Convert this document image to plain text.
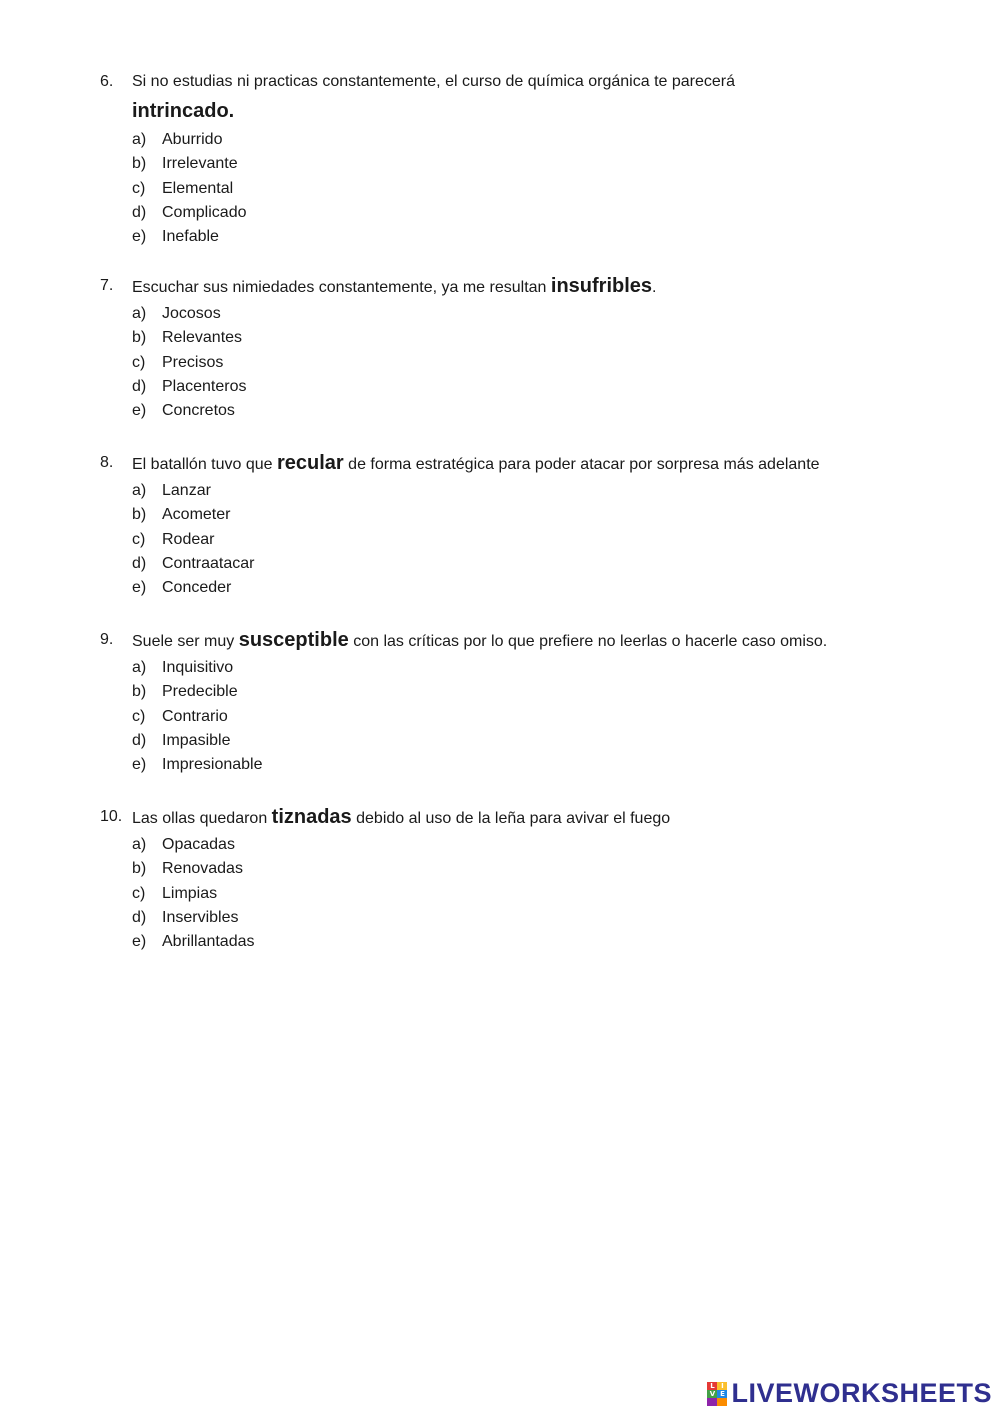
6. Si no estudias ni practicas constantemente, el curso de química orgánica te parecerá
intrincado.
a) Aburrido
b) Irrelevante
c) Elemental
d) Complicado
e) Inefable
7. Escuchar sus nimiedades constantemente, ya me resultan insufribles.
a) Jocosos
b) Relevantes
c) Precisos
d) Placenteros
e) Concretos
8. El batallón tuvo que recular de forma estratégica para poder atacar por sorpresa más adelante
a) Lanzar
b) Acometer
c) Rodear
d) Contraatacar
e) Conceder
9. Suele ser muy susceptible con las críticas por lo que prefiere no leerlas o hacerle caso omiso.
a) Inquisitivo
b) Predecible
c) Contrario
d) Impasible
e) Impresionable
10. Las ollas quedaron tiznadas debido al uso de la leña para avivar el fuego
a) Opacadas
b) Renovadas
c) Limpias
d) Inservibles
e) Abrillantadas
L I
V E LIVEWORKSHEETS
